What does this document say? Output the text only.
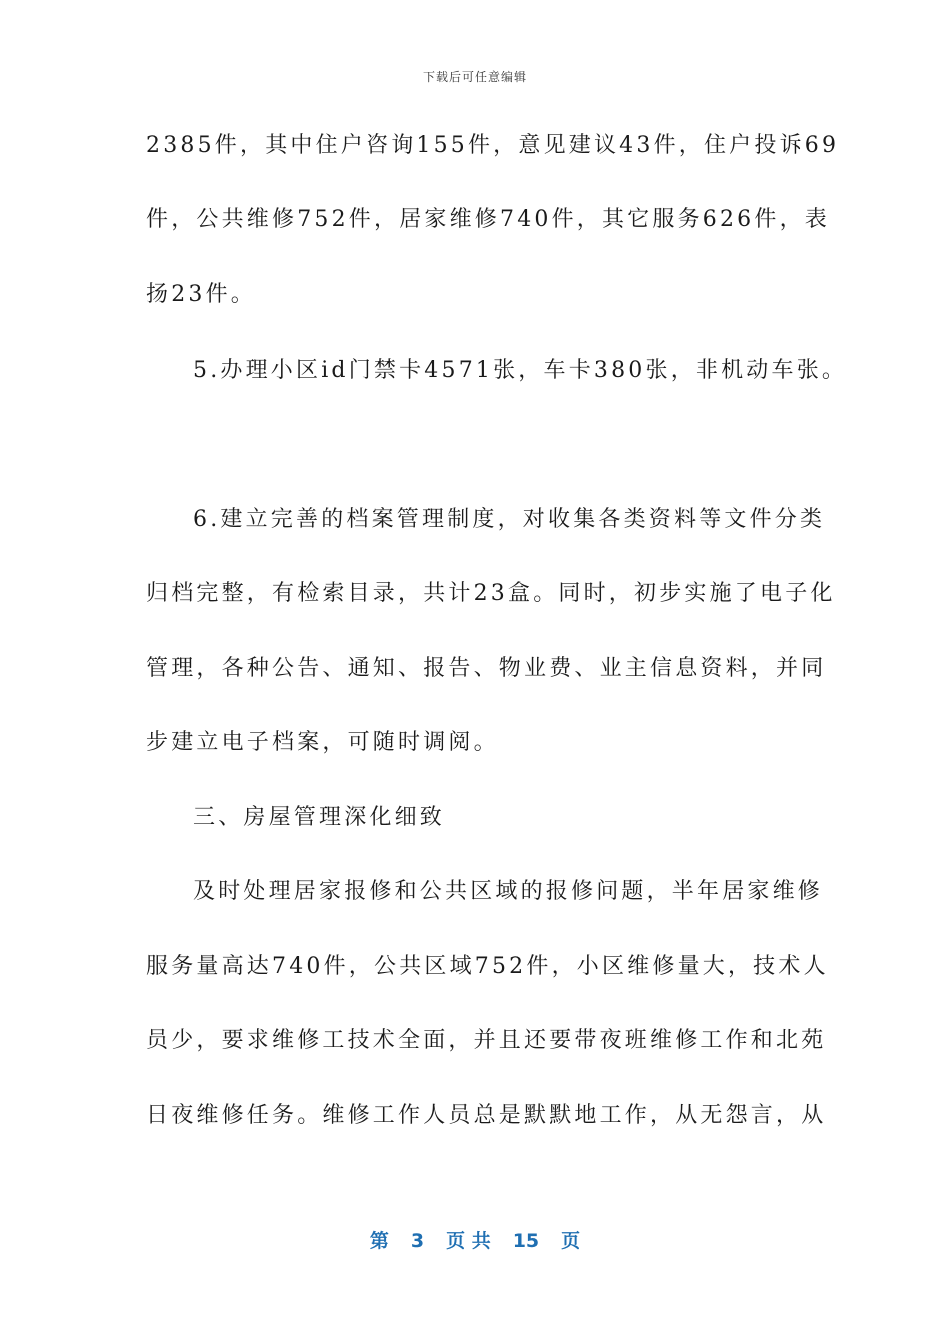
下载后可任意编辑
2385件，其中住户咨询155件，意见建议43件，住户投诉69
件，公共维修752件，居家维修740件，其它服务626件，表
扬23件。
5.办理小区id门禁卡4571张，车卡380张，非机动车张。
6.建立完善的档案管理制度，对收集各类资料等文件分类
归档完整，有检索目录，共计23盒。同时，初步实施了电子化
管理，各种公告、通知、报告、物业费、业主信息资料，并同
步建立电子档案，可随时调阅。
三、房屋管理深化细致
及时处理居家报修和公共区域的报修问题，半年居家维修
服务量高达740件，公共区域752件，小区维修量大，技术人
员少，要求维修工技术全面，并且还要带夜班维修工作和北苑
日夜维修任务。维修工作人员总是默默地工作，从无怨言，从
第 3 页 共 15 页
